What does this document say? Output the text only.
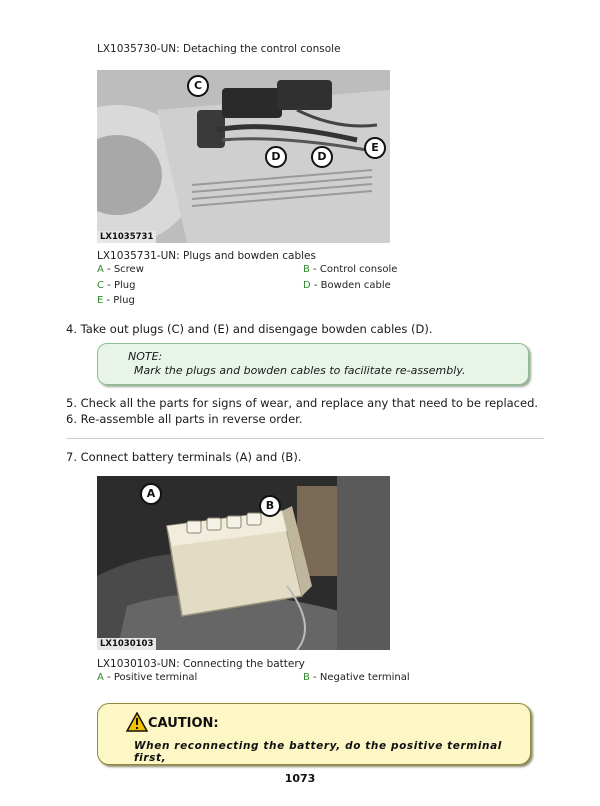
LX1035730-UN: Detaching the control console
C
D	D
E
LX1035731
LX1035731-UN: Plugs and bowden cables
A - Screw	B - Control console
C - Plug	D - Bowden cable
E - Plug
4. Take out plugs (C) and (E) and disengage bowden cables (D).
NOTE:
Mark the plugs and bowden cables to facilitate re-assembly.
5. Check all the parts for signs of wear, and replace any that need to be replaced.
6. Re-assemble all parts in reverse order.
7. Connect battery terminals (A) and (B).
A
B
LX1030103
LX1030103-UN: Connecting the battery
A - Positive terminal	B - Negative terminal
CAUTION:
When reconnecting the battery, do the positive terminal first,
1073
